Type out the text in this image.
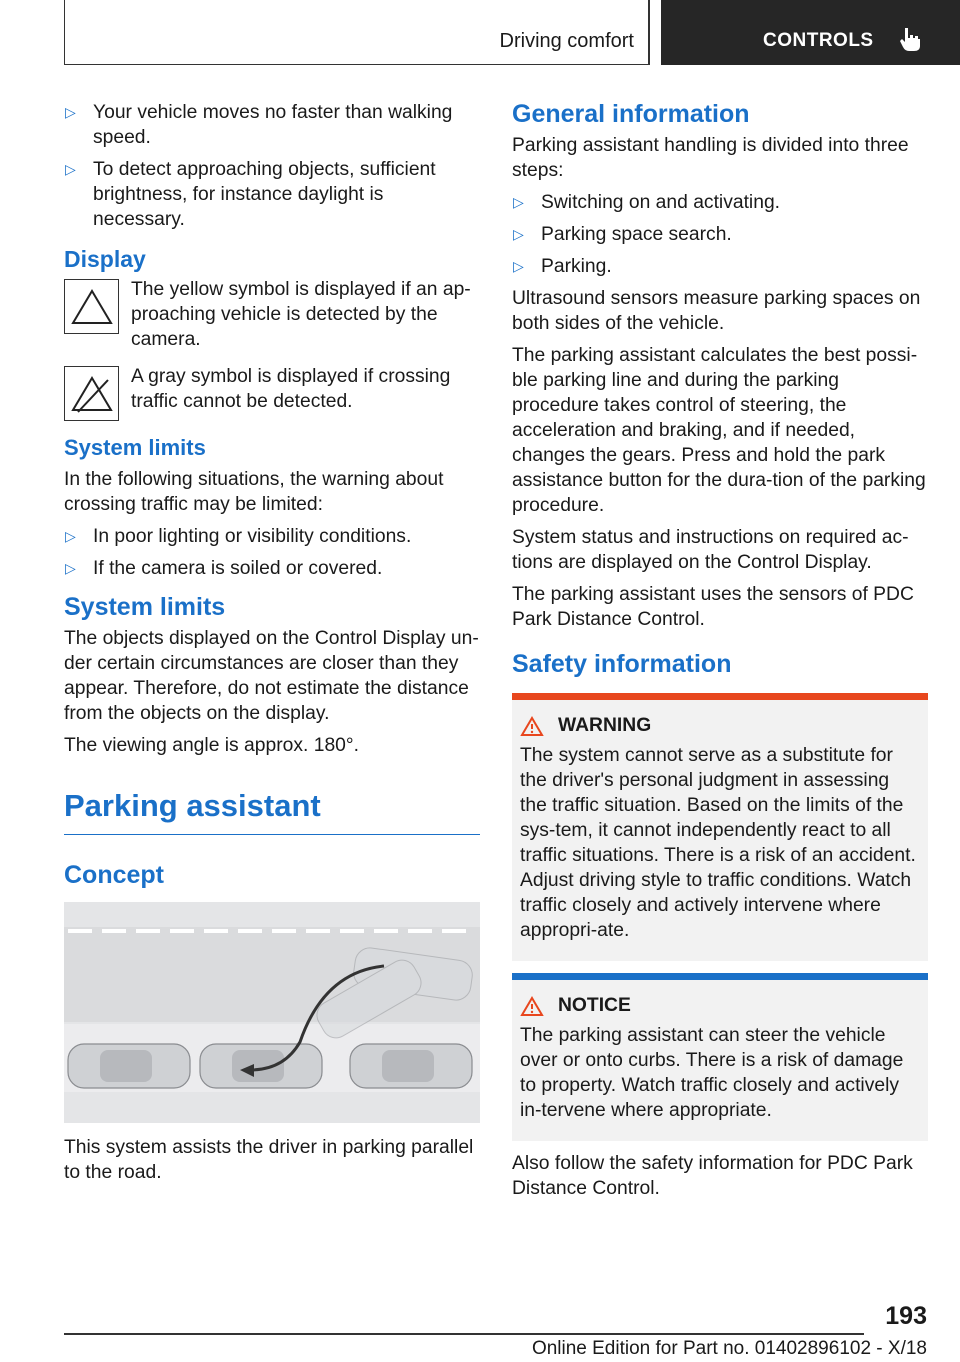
Driving comfort	CONTROLS
▷ Your vehicle moves no faster than walking speed.
▷ To detect approaching objects, sufficient brightness, for instance daylight is necessary.
Display
The yellow symbol is displayed if an ap‐proaching vehicle is detected by the camera.
A gray symbol is displayed if crossing traffic cannot be detected.
System limits

In the following situations, the warning about crossing traffic may be limited:

▷ In poor lighting or visibility conditions.
▷ If the camera is soiled or covered.
System limits

The objects displayed on the Control Display un‐der certain circumstances are closer than they appear. Therefore, do not estimate the distance from the objects on the display.

The viewing angle is approx. 180°.

Parking assistant
Concept

This system assists the driver in parking parallel to the road.

General information

Parking assistant handling is divided into three steps:

▷ Switching on and activating.
▷ Parking space search.
▷ Parking.

Ultrasound sensors measure parking spaces on both sides of the vehicle.

The parking assistant calculates the best possi‐ble parking line and during the parking procedure takes control of steering, the acceleration and braking, and if needed, changes the gears. Press and hold the park assistance button for the dura‐tion of the parking procedure.

System status and instructions on required ac‐tions are displayed on the Control Display.

The parking assistant uses the sensors of PDC Park Distance Control.

Safety information
WARNING

The system cannot serve as a substitute for the driver's personal judgment in assessing the traffic situation. Based on the limits of the sys‐tem, it cannot independently react to all traffic situations. There is a risk of an accident. Adjust driving style to traffic conditions. Watch traffic closely and actively intervene where appropri‐ate.

NOTICE

The parking assistant can steer the vehicle over or onto curbs. There is a risk of damage to property. Watch traffic closely and actively in‐tervene where appropriate.

Also follow the safety information for PDC Park Distance Control.

193
Online Edition for Part no. 01402896102 - X/18
